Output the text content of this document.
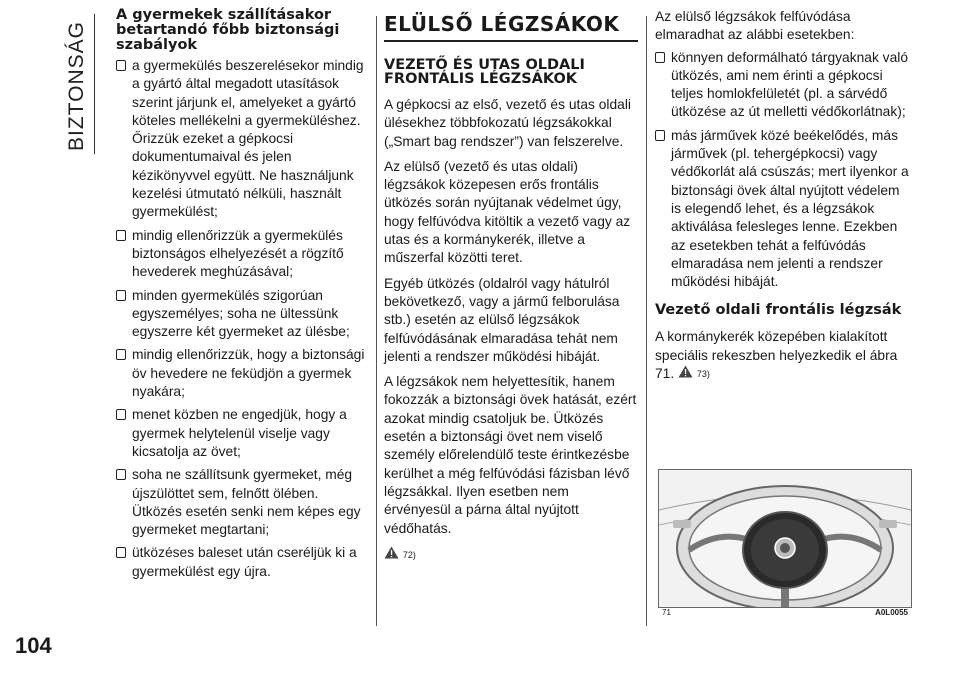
BIZTONSÁG
104
A gyermekek szállításakor betartandó főbb biztonsági szabályok
a gyermekülés beszerelésekor mindig a gyártó által megadott utasítások szerint járjunk el, amelyeket a gyártó köteles mellékelni a gyermeküléshez. Őrizzük ezeket a gépkocsi dokumentumaival és jelen kézikönyvvel együtt. Ne használjunk kezelési útmutató nélküli, használt gyermekülést;
mindig ellenőrizzük a gyermekülés biztonságos elhelyezését a rögzítő hevederek meghúzásával;
minden gyermekülés szigorúan egyszemélyes; soha ne ültessünk egyszerre két gyermeket az ülésbe;
mindig ellenőrizzük, hogy a biztonsági öv hevedere ne feküdjön a gyermek nyakára;
menet közben ne engedjük, hogy a gyermek helytelenül viselje vagy kicsatolja az övet;
soha ne szállítsunk gyermeket, még újszülöttet sem, felnőtt ölében. Ütközés esetén senki nem képes egy gyermeket megtartani;
ütközéses baleset után cseréljük ki a gyermekülést egy újra.
ELÜLSŐ LÉGZSÁKOK
VEZETŐ ÉS UTAS OLDALI FRONTÁLIS LÉGZSÁKOK

A gépkocsi az első, vezető és utas oldali ülésekhez többfokozatú légzsákokkal („Smart bag rendszer”) van felszerelve.

Az elülső (vezető és utas oldali) légzsákok közepesen erős frontális ütközés során nyújtanak védelmet úgy, hogy felfúvódva kitöltik a vezető vagy az utas és a kormánykerék, illetve a műszerfal közötti teret.

Egyéb ütközés (oldalról vagy hátulról bekövetkező, vagy a jármű felborulása stb.) esetén az elülső légzsákok felfúvódásának elmaradása tehát nem jelenti a rendszer működési hibáját.

A légzsákok nem helyettesítik, hanem fokozzák a biztonsági övek hatását, ezért azokat mindig csatoljuk be. Ütközés esetén a biztonsági övet nem viselő személy előrelendülő teste érintkezésbe kerülhet a még felfúvódási fázisban lévő légzsákkal. Ilyen esetben nem érvényesül a párna által nyújtott védőhatás.

72)

Az elülső légzsákok felfúvódása elmaradhat az alábbi esetekben:

könnyen deformálható tárgyaknak való ütközés, ami nem érinti a gépkocsi teljes homlokfelületét (pl. a sárvédő ütközése az út melletti védőkorlátnak);
más járművek közé beékelődés, más járművek (pl. tehergépkocsi) vagy védőkorlát alá csúszás; mert ilyenkor a biztonsági övek által nyújtott védelem is elegendő lehet, és a légzsákok aktiválása felesleges lenne. Ezekben az esetekben tehát a felfúvódás elmaradása nem jelenti a rendszer működési hibáját.
Vezető oldali frontális légzsák

A kormánykerék közepében kialakított speciális rekeszben helyezkedik el ábra 71.	73)

71	A0L0055
